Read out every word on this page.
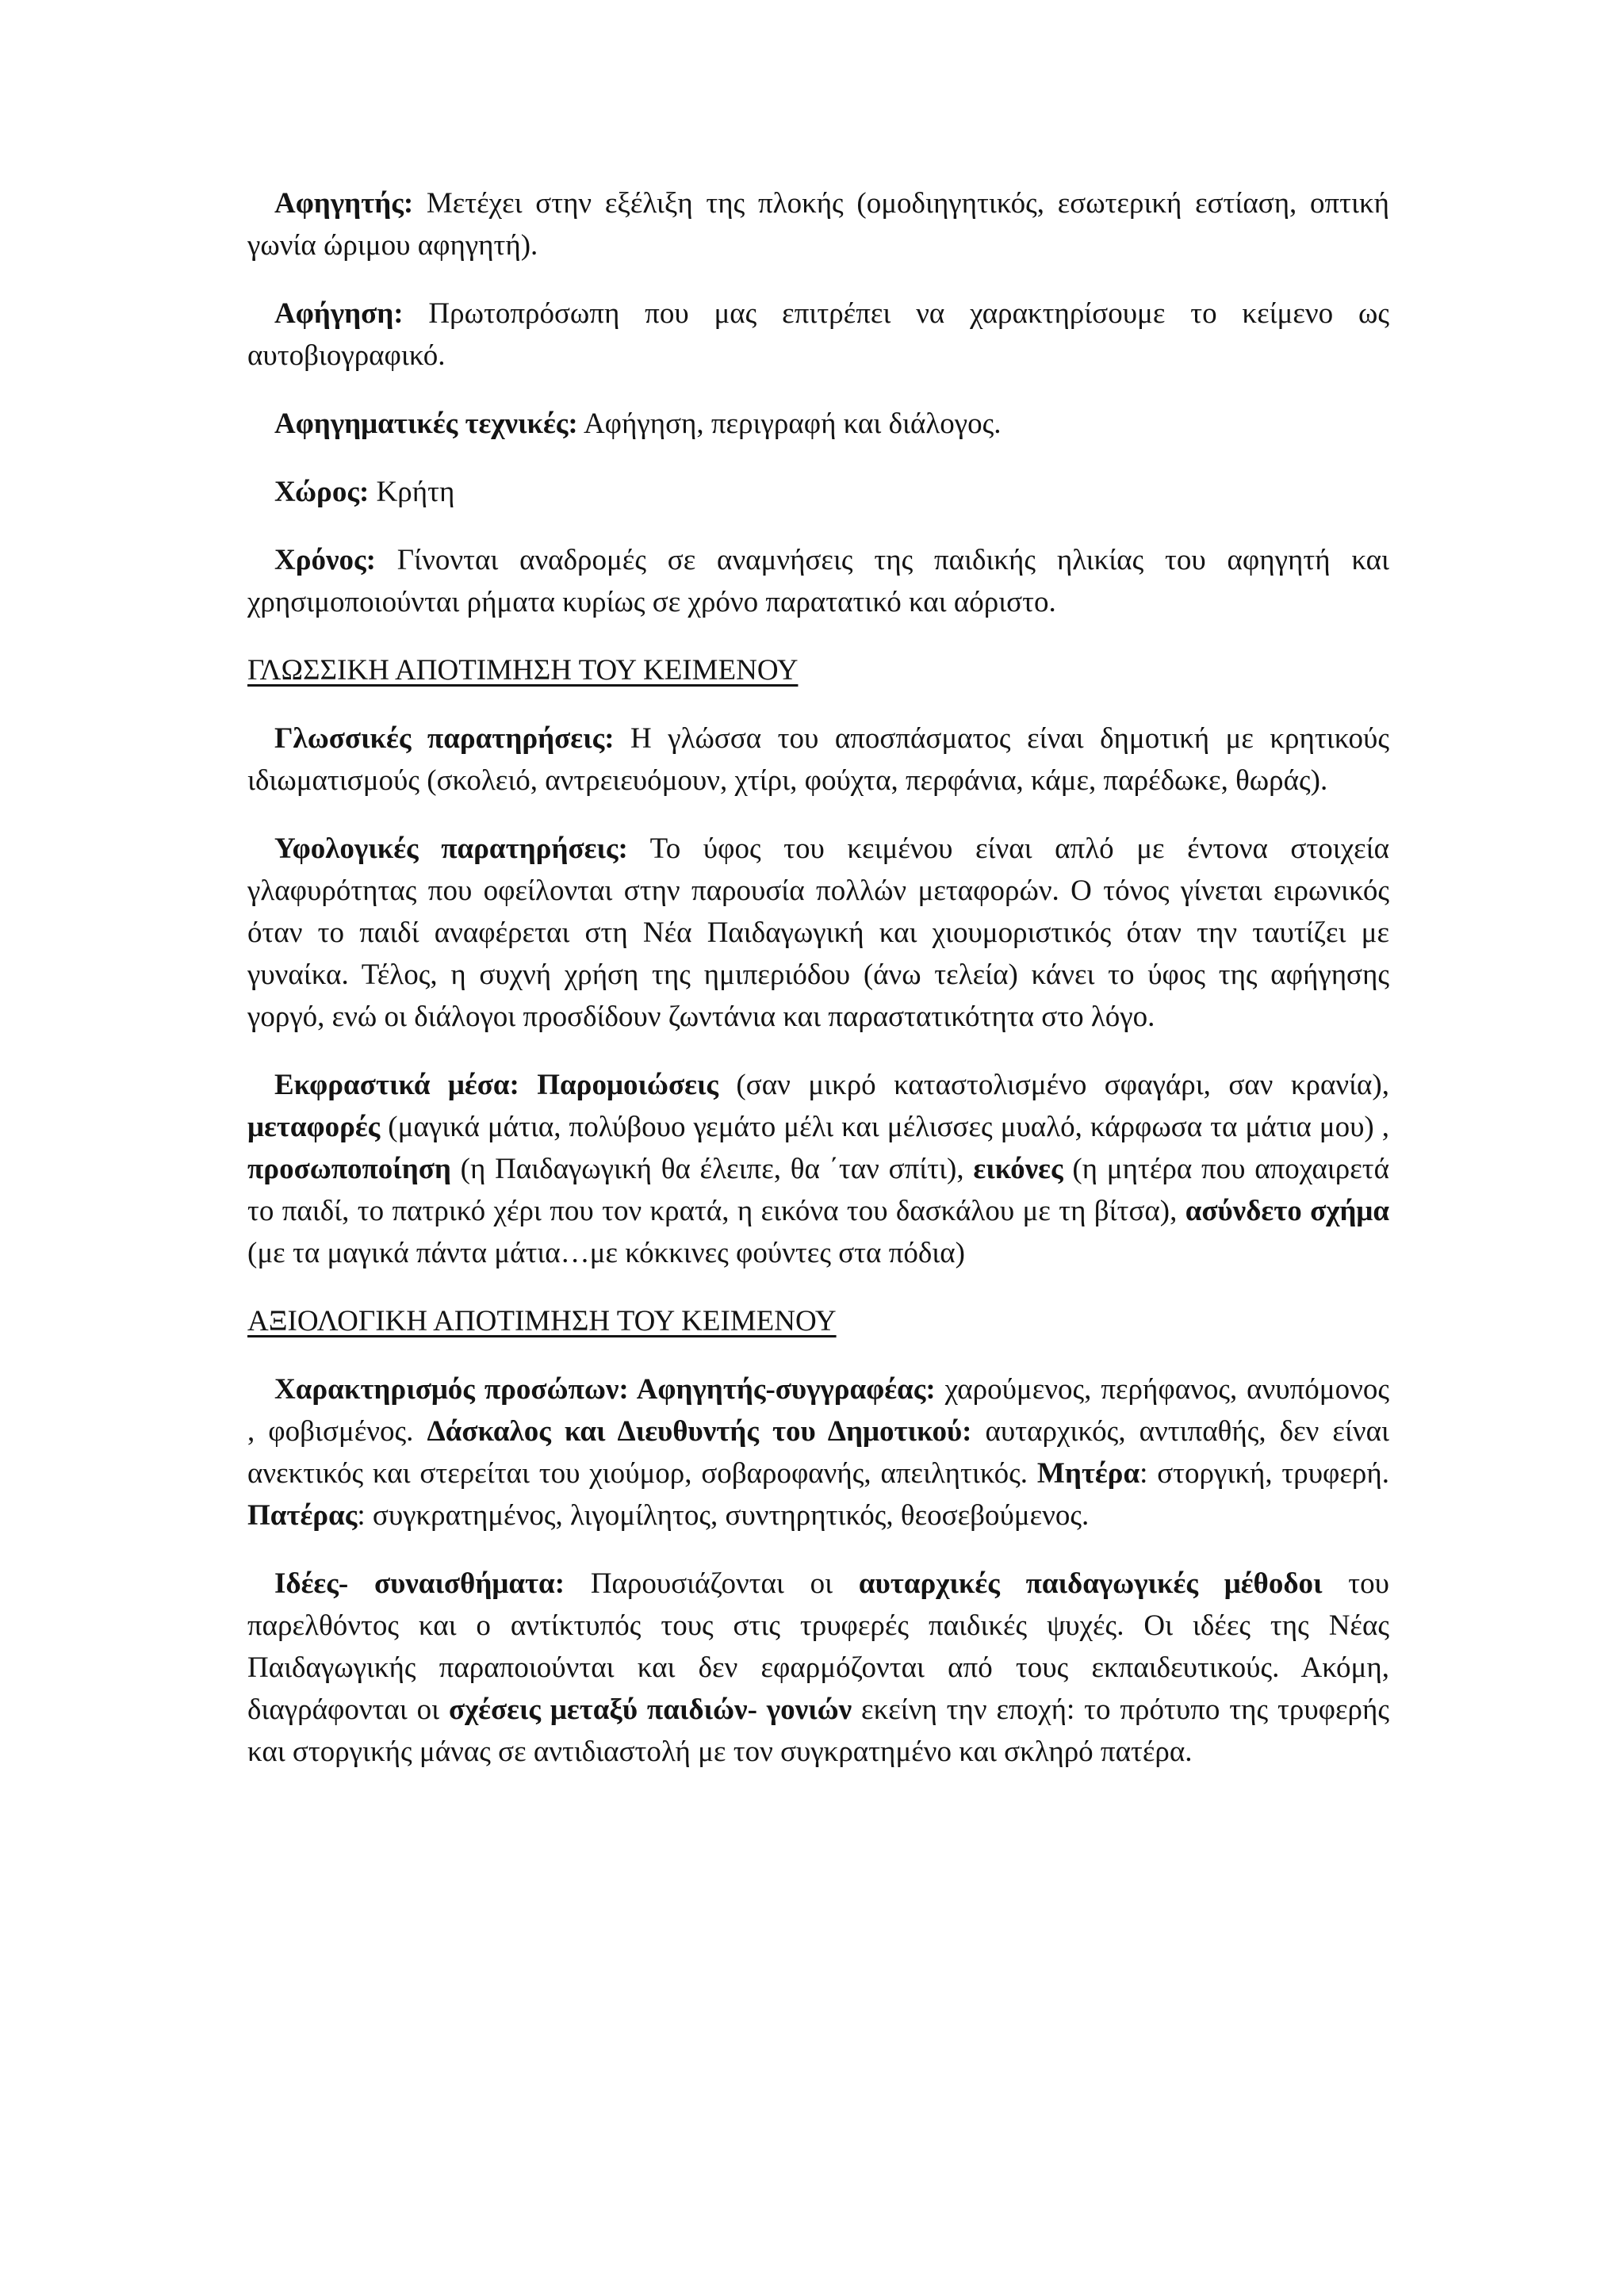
Αφηγητής: Μετέχει στην εξέλιξη της πλοκής (ομοδιηγητικός, εσωτερική εστίαση, οπτική γωνία ώριμου αφηγητή).

Αφήγηση: Πρωτοπρόσωπη που μας επιτρέπει να χαρακτηρίσουμε το κείμενο ως αυτοβιογραφικό.

Αφηγηματικές τεχνικές: Αφήγηση, περιγραφή και διάλογος.

Χώρος: Κρήτη

Χρόνος: Γίνονται αναδρομές σε αναμνήσεις της παιδικής ηλικίας του αφηγητή και χρησιμοποιούνται ρήματα κυρίως σε χρόνο παρατατικό και αόριστο.

ΓΛΩΣΣΙΚΗ ΑΠΟΤΙΜΗΣΗ ΤΟΥ ΚΕΙΜΕΝΟΥ

Γλωσσικές παρατηρήσεις: Η γλώσσα του αποσπάσματος είναι δημοτική με κρητικούς ιδιωματισμούς (σκολειό, αντρειευόμουν, χτίρι, φούχτα, περφάνια, κάμε, παρέδωκε, θωράς).

Υφολογικές παρατηρήσεις: Το ύφος του κειμένου είναι απλό με έντονα στοιχεία γλαφυρότητας που οφείλονται στην παρουσία πολλών μεταφορών. Ο τόνος γίνεται ειρωνικός όταν το παιδί αναφέρεται στη Νέα Παιδαγωγική και χιουμοριστικός όταν την ταυτίζει με γυναίκα. Τέλος, η συχνή χρήση της ημιπεριόδου (άνω τελεία) κάνει το ύφος της αφήγησης γοργό, ενώ οι διάλογοι προσδίδουν ζωντάνια και παραστατικότητα στο λόγο.

Εκφραστικά μέσα: Παρομοιώσεις (σαν μικρό καταστολισμένο σφαγάρι, σαν κρανία), μεταφορές (μαγικά μάτια, πολύβουο γεμάτο μέλι και μέλισσες μυαλό, κάρφωσα τα μάτια μου) , προσωποποίηση (η Παιδαγωγική θα έλειπε, θα ΄ταν σπίτι), εικόνες (η μητέρα που αποχαιρετά το παιδί, το πατρικό χέρι που τον κρατά, η εικόνα του δασκάλου με τη βίτσα), ασύνδετο σχήμα (με τα μαγικά πάντα μάτια…με κόκκινες φούντες στα πόδια)

ΑΞΙΟΛΟΓΙΚΗ ΑΠΟΤΙΜΗΣΗ ΤΟΥ ΚΕΙΜΕΝΟΥ

Χαρακτηρισμός προσώπων: Αφηγητής-συγγραφέας: χαρούμενος, περήφανος, ανυπόμονος , φοβισμένος. Δάσκαλος και Διευθυντής του Δημοτικού: αυταρχικός, αντιπαθής, δεν είναι ανεκτικός και στερείται του χιούμορ, σοβαροφανής, απειλητικός. Μητέρα: στοργική, τρυφερή. Πατέρας: συγκρατημένος, λιγομίλητος, συντηρητικός, θεοσεβούμενος.

Ιδέες- συναισθήματα: Παρουσιάζονται οι αυταρχικές παιδαγωγικές μέθοδοι του παρελθόντος και ο αντίκτυπός τους στις τρυφερές παιδικές ψυχές. Οι ιδέες της Νέας Παιδαγωγικής παραποιούνται και δεν εφαρμόζονται από τους εκπαιδευτικούς. Ακόμη, διαγράφονται οι σχέσεις μεταξύ παιδιών- γονιών εκείνη την εποχή: το πρότυπο της τρυφερής και στοργικής μάνας σε αντιδιαστολή με τον συγκρατημένο και σκληρό πατέρα.
